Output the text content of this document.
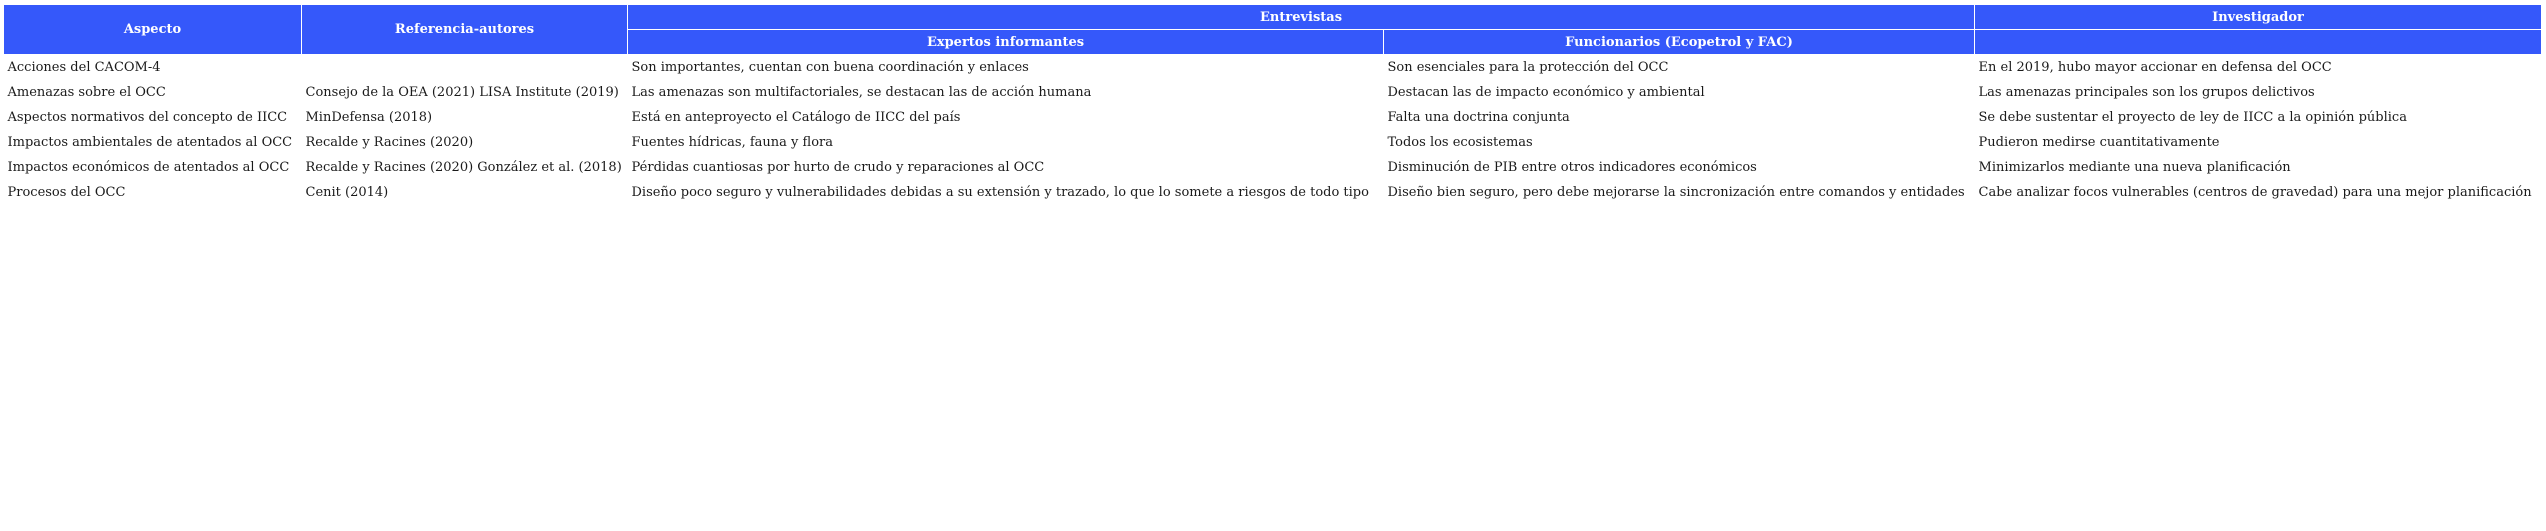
Aspecto	Referencia-autores	Entrevistas		Investigador
		Expertos informantes	Funcionarios (Ecopetrol y FAC)	
Acciones del CACOM-4		Son importantes, cuentan con buena coordinación y enlaces	Son esenciales para la protección del OCC	En el 2019, hubo mayor accionar en defensa del OCC
Amenazas sobre el OCC	Consejo de la OEA (2021) LISA Institute (2019)	Las amenazas son multifactoriales, se destacan las de acción humana	Destacan las de impacto económico y ambiental	Las amenazas principales son los grupos delictivos
Aspectos normativos del concepto de IICC	MinDefensa (2018)	Está en anteproyecto el Catálogo de IICC del país	Falta una doctrina conjunta	Se debe sustentar el proyecto de ley de IICC a la opinión pública
Impactos ambientales de atentados al OCC	Recalde y Racines (2020)	Fuentes hídricas, fauna y flora	Todos los ecosistemas	Pudieron medirse cuantitativamente
Impactos económicos de atentados al OCC	Recalde y Racines (2020) González et al. (2018)	Pérdidas cuantiosas por hurto de crudo y reparaciones al OCC	Disminución de PIB entre otros indicadores económicos	Minimizarlos mediante una nueva planificación
Procesos del OCC	Cenit (2014)	Diseño poco seguro y vulnerabilidades debidas a su extensión y trazado, lo que lo somete a riesgos de todo tipo	Diseño bien seguro, pero debe mejorarse la sincronización entre comandos y entidades	Cabe analizar focos vulnerables (centros de gravedad) para una mejor planificación
